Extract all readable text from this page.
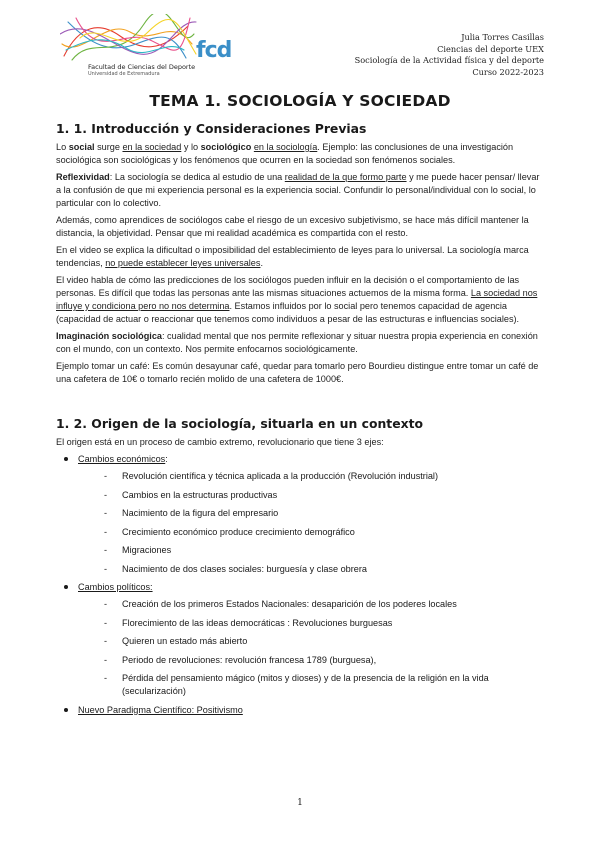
fcd
Facultad de Ciencias del Deporte
Universidad de Extremadura
Julia Torres Casillas
Ciencias del deporte UEX
Sociología de la Actividad física y del deporte
Curso 2022-2023
TEMA 1. SOCIOLOGÍA Y SOCIEDAD
1. 1. Introducción y Consideraciones Previas

Lo social surge en la sociedad y lo sociológico en la sociología. Ejemplo: las conclusiones de una investigación sociológica son sociológicas y los fenómenos que ocurren en la sociedad son fenómenos sociales.

Reflexividad: La sociología se dedica al estudio de una realidad de la que formo parte y me puede hacer pensar/ llevar a la confusión de que mi experiencia personal es la experiencia social. Confundir lo personal/individual con lo social, lo particular con lo colectivo.

Además, como aprendices de sociólogos cabe el riesgo de un excesivo subjetivismo, se hace más difícil mantener la distancia, la objetividad. Pensar que mi realidad académica es compartida con el resto.

En el video se explica la dificultad o imposibilidad del establecimiento de leyes para lo universal. La sociología marca tendencias, no puede establecer leyes universales.

El video habla de cómo las predicciones de los sociólogos pueden influir en la decisión o el comportamiento de las personas. Es difícil que todas las personas ante las mismas situaciones actuemos de la misma forma. La sociedad nos influye y condiciona pero no nos determina. Estamos influidos por lo social pero tenemos capacidad de agencia (capacidad de actuar o reaccionar que tenemos como individuos a pesar de las estructuras e influencias sociales).

Imaginación sociológica: cualidad mental que nos permite reflexionar y situar nuestra propia experiencia en conexión con el mundo, con un contexto. Nos permite enfocarnos sociológicamente.

Ejemplo tomar un café: Es común desayunar café, quedar para tomarlo pero Bourdieu distingue entre tomar un café de una cafetera de 10€ o tomarlo recién molido de una cafetera de 1000€.

1. 2. Origen de la sociología, situarla en un contexto

El origen está en un proceso de cambio extremo, revolucionario que tiene 3 ejes:

Cambios económicos:
- Revolución científica y técnica aplicada a la producción (Revolución industrial)
- Cambios en la estructuras productivas
- Nacimiento de la figura del empresario
- Crecimiento económico produce crecimiento demográfico
- Migraciones
- Nacimiento de dos clases sociales: burguesía y clase obrera
Cambios políticos:
- Creación de los primeros Estados Nacionales: desaparición de los poderes locales
- Florecimiento de las ideas democráticas : Revoluciones burguesas
- Quieren un estado más abierto
- Periodo de revoluciones: revolución francesa 1789 (burguesa),
- Pérdida del pensamiento mágico (mitos y dioses) y de la presencia de la religión en la vida (secularización)
Nuevo Paradigma Científico: Positivismo
1
